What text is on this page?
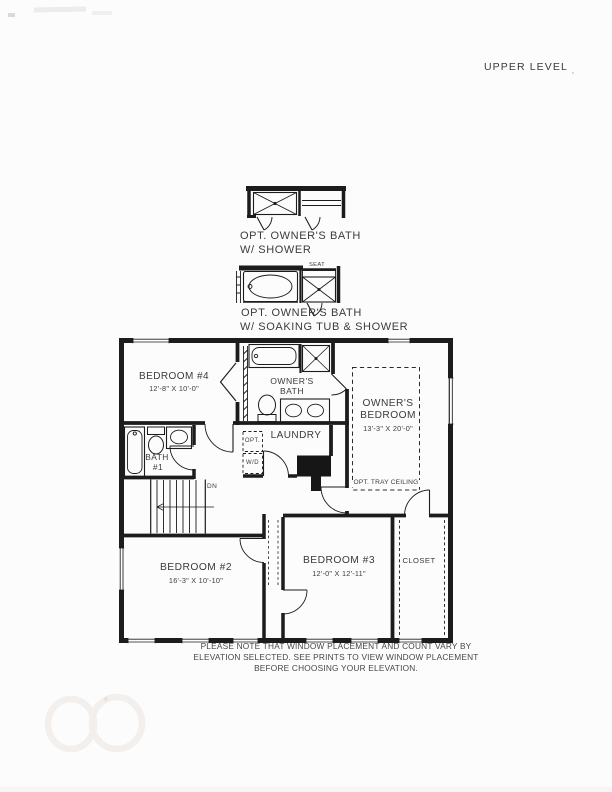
UPPER LEVEL
OPT. OWNER'S BATH
W/ SHOWER
OPT. OWNER'S BATH
W/ SOAKING TUB & SHOWER
SEAT
BEDROOM #4
12'-8" X 10'-0"
OWNER'S
BATH
OWNER'S
BEDROOM
13'-3" X 20'-0"
OPT. TRAY CEILING
BATH
#1
LAUNDRY
OPT.
W/D
DN
BEDROOM #2
16'-3" X 10'-10"
BEDROOM #3
12'-0" X 12'-11"
CLOSET
PLEASE NOTE THAT WINDOW PLACEMENT AND COUNT VARY BY
ELEVATION SELECTED. SEE PRINTS TO VIEW WINDOW PLACEMENT
BEFORE CHOOSING YOUR ELEVATION.
